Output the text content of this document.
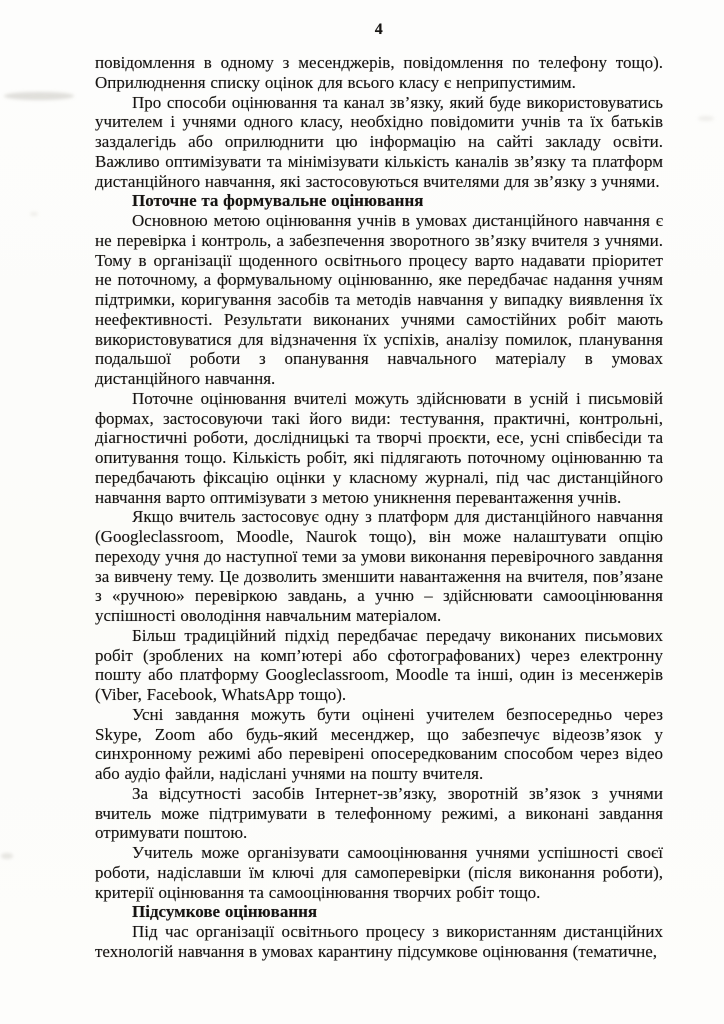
4

повідомлення в одному з месенджерів, повідомлення по телефону тощо). Оприлюднення списку оцінок для всього класу є неприпустимим.

Про способи оцінювання та канал зв’язку, який буде використовуватись учителем і учнями одного класу, необхідно повідомити учнів та їх батьків заздалегідь або оприлюднити цю інформацію на сайті закладу освіти. Важливо оптимізувати та мінімізувати кількість каналів зв’язку та платформ дистанційного навчання, які застосовуються вчителями для зв’язку з учнями.

Поточне та формувальне оцінювання

Основною метою оцінювання учнів в умовах дистанційного навчання є не перевірка і контроль, а забезпечення зворотного зв’язку вчителя з учнями. Тому в організації щоденного освітнього процесу варто надавати пріоритет не поточному, а формувальному оцінюванню, яке передбачає надання учням підтримки, коригування засобів та методів навчання у випадку виявлення їх неефективності. Результати виконаних учнями самостійних робіт мають використовуватися для відзначення їх успіхів, аналізу помилок, планування подальшої роботи з опанування навчального матеріалу в умовах дистанційного навчання.

Поточне оцінювання вчителі можуть здійснювати в усній і письмовій формах, застосовуючи такі його види: тестування, практичні, контрольні, діагностичні роботи, дослідницькі та творчі проєкти, есе, усні співбесіди та опитування тощо. Кількість робіт, які підлягають поточному оцінюванню та передбачають фіксацію оцінки у класному журналі, під час дистанційного навчання варто оптимізувати з метою уникнення перевантаження учнів.

Якщо вчитель застосовує одну з платформ для дистанційного навчання (Googleclassroom, Moodle, Naurok тощо), він може налаштувати опцію переходу учня до наступної теми за умови виконання перевірочного завдання за вивчену тему. Це дозволить зменшити навантаження на вчителя, пов’язане з «ручною» перевіркою завдань, а учню – здійснювати самооцінювання успішності оволодіння навчальним матеріалом.

Більш традиційний підхід передбачає передачу виконаних письмових робіт (зроблених на комп’ютері або сфотографованих) через електронну пошту або платформу Googleclassroom, Moodle та інші, один із месенжерів (Viber, Facebook, WhatsApp тощо).

Усні завдання можуть бути оцінені учителем безпосередньо через Skype, Zoom або будь-який месенджер, що забезпечує відеозв’язок у синхронному режимі або перевірені опосередкованим способом через відео або аудіо файли, надіслані учнями на пошту вчителя.

За відсутності засобів Інтернет-зв’язку, зворотній зв’язок з учнями вчитель може підтримувати в телефонному режимі, а виконані завдання отримувати поштою.

Учитель може організувати самооцінювання учнями успішності своєї роботи, надіславши їм ключі для самоперевірки (після виконання роботи), критерії оцінювання та самооцінювання творчих робіт тощо.

Підсумкове оцінювання

Під час організації освітнього процесу з використанням дистанційних технологій навчання в умовах карантину підсумкове оцінювання (тематичне,
